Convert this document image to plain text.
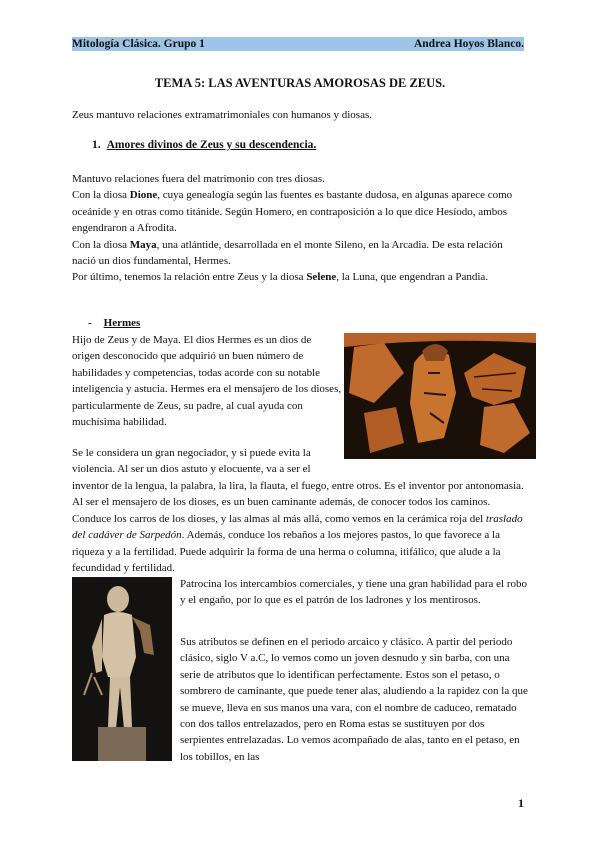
Mitología Clásica. Grupo 1	Andrea Hoyos Blanco.
TEMA 5: LAS AVENTURAS AMOROSAS DE ZEUS.

Zeus mantuvo relaciones extramatrimoniales con humanos y diosas.

1. Amores divinos de Zeus y su descendencia.

Mantuvo relaciones fuera del matrimonio con tres diosas.
Con la diosa Dione, cuya genealogía según las fuentes es bastante dudosa, en algunas aparece como oceánide y en otras como titánide. Según Homero, en contraposición a lo que dice Hesíodo, ambos engendraron a Afrodita.
Con la diosa Maya, una atlántide, desarrollada en el monte Sileno, en la Arcadia. De esta relación nació un dios fundamental, Hermes.
Por último, tenemos la relación entre Zeus y la diosa Selene, la Luna, que engendran a Pandia.

- Hermes

Hijo de Zeus y de Maya. El dios Hermes es un dios de origen desconocido que adquirió un buen número de habilidades y competencias, todas acorde con su notable inteligencia y astucia. Hermes era el mensajero de los dioses, particularmente de Zeus, su padre, al cual ayuda con muchísima habilidad.

Se le considera un gran negociador, y si puede evita la violencia. Al ser un dios astuto y elocuente, va a ser el

inventor de la lengua, la palabra, la lira, la flauta, el fuego, entre otros. Es el inventor por antonomasia. Al ser el mensajero de los dioses, es un buen caminante además, de conocer todos los caminos. Conduce los carros de los dioses, y las almas al más allá, como vemos en la cerámica roja del traslado del cadáver de Sarpedón. Además, conduce los rebaños a los mejores pastos, lo que favorece a la riqueza y a la fertilidad. Puede adquirir la forma de una herma o columna, itifálico, que alude a la fecundidad y fertilidad.

Patrocina los intercambios comerciales, y tiene una gran habilidad para el robo y el engaño, por lo que es el patrón de los ladrones y los mentirosos.

Sus atributos se definen en el periodo arcaico y clásico. A partir del periodo clásico, siglo V a.C, lo vemos como un joven desnudo y sin barba, con una serie de atributos que lo identifican perfectamente. Estos son el petaso, o sombrero de caminante, que puede tener alas, aludiendo a la rapidez con la que se mueve, lleva en sus manos una vara, con el nombre de caduceo, rematado con dos tallos entrelazados, pero en Roma estas se sustituyen por dos serpientes entrelazadas. Lo vemos acompañado de alas, tanto en el petaso, en los tobillos, en las

1
